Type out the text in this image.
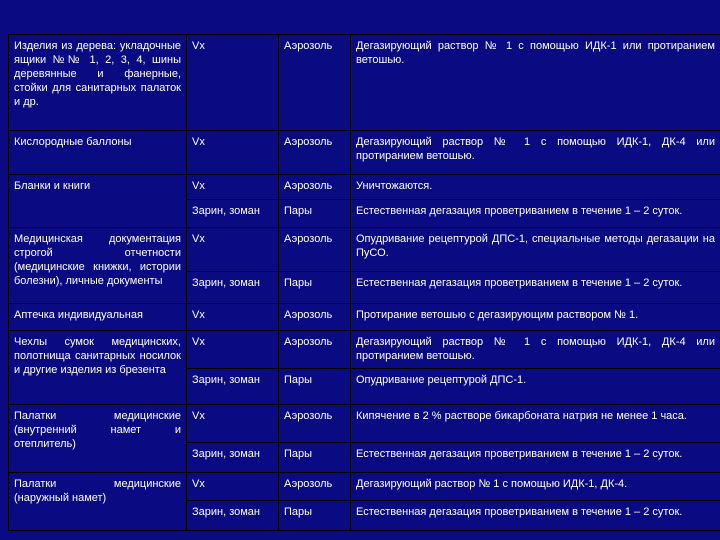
Изделия из дерева: укладочные ящики №№ 1, 2, 3, 4, шины деревянные и фанерные, стойки для санитарных палаток и др.	Vx	Аэрозоль	Дегазирующий раствор № 1 с помощью ИДК-1 или протиранием ветошью.
Кислородные баллоны	Vx	Аэрозоль	Дегазирующий раствор № 1 с помощью ИДК-1, ДК-4 или протиранием ветошью.
Бланки и книги	Vx	Аэрозоль	Уничтожаются.
	Зарин, зоман	Пары	Естественная дегазация проветриванием в течение 1 – 2 суток.
Медицинская документация строгой отчетности (медицинские книжки, истории болезни), личные документы	Vx	Аэрозоль	Опудривание рецептурой ДПС-1, специальные методы дегазации на ПуСО.
	Зарин, зоман	Пары	Естественная дегазация проветриванием в течение 1 – 2 суток.
Аптечка индивидуальная	Vx	Аэрозоль	Протирание ветошью с дегазирующим раствором № 1.
Чехлы сумок медицинских, полотнища санитарных носилок и другие изделия из брезента	Vx	Аэрозоль	Дегазирующий раствор № 1 с помощью ИДК-1, ДК-4 или протиранием ветошью.
	Зарин, зоман	Пары	Опудривание рецептурой ДПС-1.
Палатки медицинские (внутренний намет и отеплитель)	Vx	Аэрозоль	Кипячение в 2 % растворе бикарбоната натрия не менее 1 часа.
	Зарин, зоман	Пары	Естественная дегазация проветриванием в течение 1 – 2 суток.
Палатки медицинские (наружный намет)	Vx	Аэрозоль	Дегазирующий раствор № 1 с помощью ИДК-1, ДК-4.
	Зарин, зоман	Пары	Естественная дегазация проветриванием в течение 1 – 2 суток.
